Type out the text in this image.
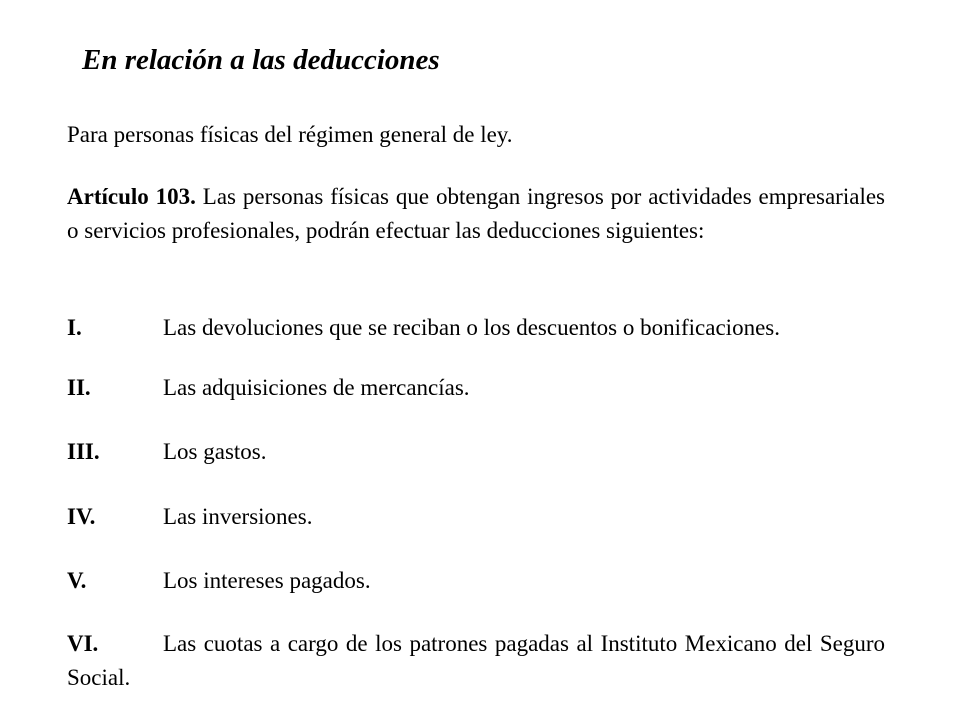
En relación a las deducciones
Para personas físicas del régimen general de ley.
Artículo 103. Las personas físicas que obtengan ingresos por actividades empresariales o servicios profesionales, podrán efectuar las deducciones siguientes:
I.	Las devoluciones que se reciban o los descuentos o bonificaciones.
II.	Las adquisiciones de mercancías.
III.	Los gastos.
IV.	Las inversiones.
V.	Los intereses pagados.
VI.	Las cuotas a cargo de los patrones pagadas al Instituto Mexicano del Seguro Social.
